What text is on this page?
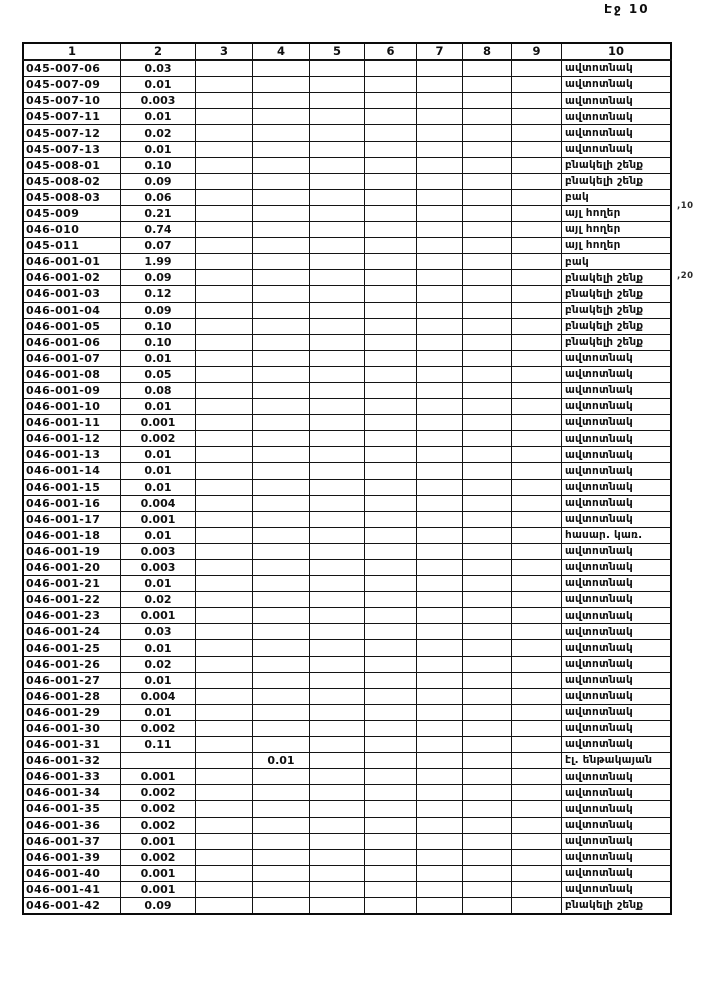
Էջ 10
1	2	3	4	5	6	7	8	9	10
045-007-06	0.03								ավտոտնակ
045-007-09	0.01								ավտոտնակ
045-007-10	0.003								ավտոտնակ
045-007-11	0.01								ավտոտնակ
045-007-12	0.02								ավտոտնակ
045-007-13	0.01								ավտոտնակ
045-008-01	0.10								բնակելի շենք
045-008-02	0.09								բնակելի շենք
045-008-03	0.06								բակ
045-009	0.21								այլ հողեր
046-010	0.74								այլ հողեր
045-011	0.07								այլ հողեր
046-001-01	1.99								բակ
046-001-02	0.09								բնակելի շենք
046-001-03	0.12								բնակելի շենք
046-001-04	0.09								բնակելի շենք
046-001-05	0.10								բնակելի շենք
046-001-06	0.10								բնակելի շենք
046-001-07	0.01								ավտոտնակ
046-001-08	0.05								ավտոտնակ
046-001-09	0.08								ավտոտնակ
046-001-10	0.01								ավտոտնակ
046-001-11	0.001								ավտոտնակ
046-001-12	0.002								ավտոտնակ
046-001-13	0.01								ավտոտնակ
046-001-14	0.01								ավտոտնակ
046-001-15	0.01								ավտոտնակ
046-001-16	0.004								ավտոտնակ
046-001-17	0.001								ավտոտնակ
046-001-18	0.01								հասար. կառ.
046-001-19	0.003								ավտոտնակ
046-001-20	0.003								ավտոտնակ
046-001-21	0.01								ավտոտնակ
046-001-22	0.02								ավտոտնակ
046-001-23	0.001								ավտոտնակ
046-001-24	0.03								ավտոտնակ
046-001-25	0.01								ավտոտնակ
046-001-26	0.02								ավտոտնակ
046-001-27	0.01								ավտոտնակ
046-001-28	0.004								ավտոտնակ
046-001-29	0.01								ավտոտնակ
046-001-30	0.002								ավտոտնակ
046-001-31	0.11								ավտոտնակ
046-001-32			0.01						էլ. ենթակայան
046-001-33	0.001								ավտոտնակ
046-001-34	0.002								ավտոտնակ
046-001-35	0.002								ավտոտնակ
046-001-36	0.002								ավտոտնակ
046-001-37	0.001								ավտոտնակ
046-001-39	0.002								ավտոտնակ
046-001-40	0.001								ավտոտնակ
046-001-41	0.001								ավտոտնակ
046-001-42	0.09								բնակելի շենք
,10
,20
